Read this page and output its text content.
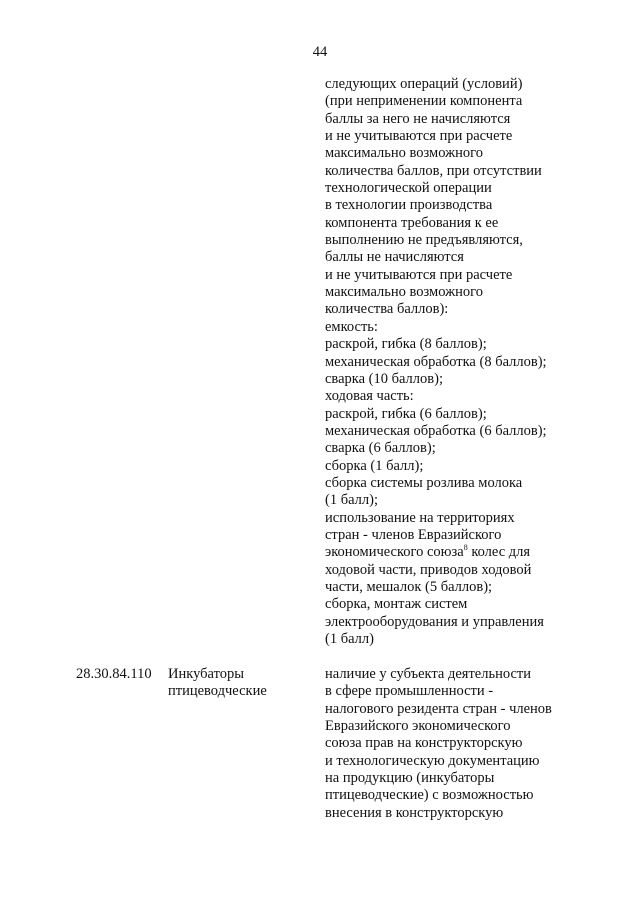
44
следующих операций (условий)
(при неприменении компонента
баллы за него не начисляются
и не учитываются при расчете
максимально возможного
количества баллов, при отсутствии
технологической операции
в технологии производства
компонента требования к ее
выполнению не предъявляются,
баллы не начисляются
и не учитываются при расчете
максимально возможного
количества баллов):
емкость:
раскрой, гибка (8 баллов);
механическая обработка (8 баллов);
сварка (10 баллов);
ходовая часть:
раскрой, гибка (6 баллов);
механическая обработка (6 баллов);
сварка (6 баллов);
сборка (1 балл);
сборка системы розлива молока
(1 балл);
использование на территориях
стран - членов Евразийского
экономического союза$^8$ колес для
ходовой части, приводов ходовой
части, мешалок (5 баллов);
сборка, монтаж систем
электрооборудования и управления
(1 балл)
28.30.84.110 Инкубаторы
птицеводческие
наличие у субъекта деятельности
в сфере промышленности -
налогового резидента стран - членов
Евразийского экономического
союза прав на конструкторскую
и технологическую документацию
на продукцию (инкубаторы
птицеводческие) с возможностью
внесения в конструкторскую
